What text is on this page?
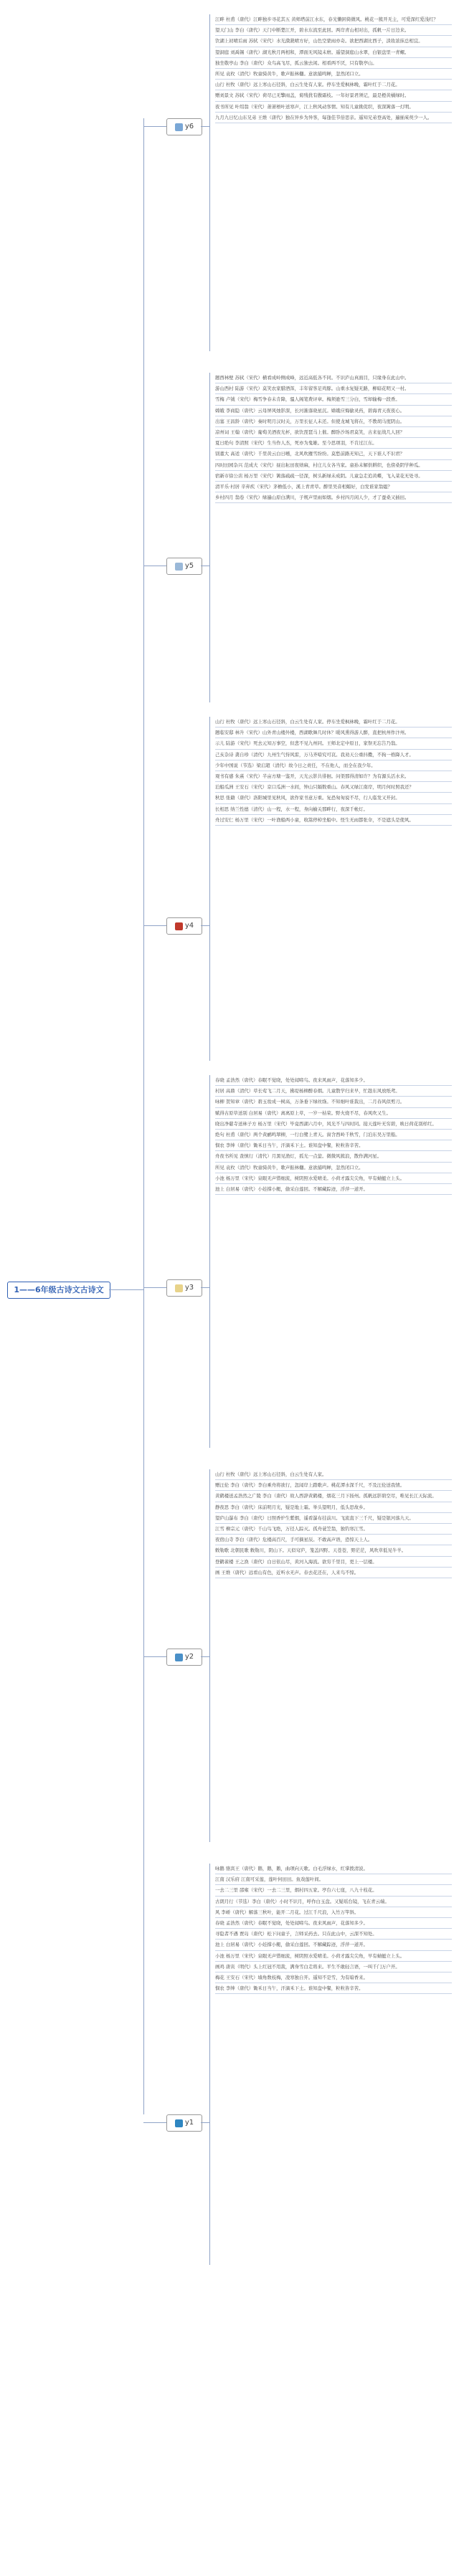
1——6年级古诗文古诗文
y6
江畔 杜甫（唐代）江畔独步寻花其五 黄师塔前江水东，春光懒困倚微风。桃花一簇开无主，可爱深红爱浅红？
望天门山 李白（唐代）天门中断楚江开，碧水东流至此回。两岸青山相对出，孤帆一片日边来。
饮湖上初晴后雨 苏轼（宋代）水光潋滟晴方好，山色空蒙雨亦奇。欲把西湖比西子，淡妆浓抹总相宜。
望洞庭 刘禹锡（唐代）湖光秋月两相和，潭面无风镜未磨。遥望洞庭山水翠，白银盘里一青螺。
独坐敬亭山 李白（唐代）众鸟高飞尽，孤云独去闲。相看两不厌，只有敬亭山。
所见 袁枚（清代）牧童骑黄牛，歌声振林樾。意欲捕鸣蝉，忽然闭口立。
山行 杜牧（唐代）远上寒山石径斜，白云生处有人家。停车坐爱枫林晚，霜叶红于二月花。
赠刘景文 苏轼（宋代）荷尽已无擎雨盖，菊残犹有傲霜枝。一年好景君须记，最是橙黄橘绿时。
夜书所见 叶绍翁（宋代）萧萧梧叶送寒声，江上秋风动客情。知有儿童挑促织，夜深篱落一灯明。
九月九日忆山东兄弟 王维（唐代）独在异乡为异客，每逢佳节倍思亲。遥知兄弟登高处，遍插茱萸少一人。
y5
题西林壁 苏轼（宋代）横看成岭侧成峰，远近高低各不同。不识庐山真面目，只缘身在此山中。
游山西村 陆游（宋代）莫笑农家腊酒浑，丰年留客足鸡豚。山重水复疑无路，柳暗花明又一村。
雪梅 卢钺（宋代）梅雪争春未肯降，骚人阁笔费评章。梅须逊雪三分白，雪却输梅一段香。
嫦娥 李商隐（唐代）云母屏风烛影深，长河渐落晓星沉。嫦娥应悔偷灵药，碧海青天夜夜心。
出塞 王昌龄（唐代）秦时明月汉时关，万里长征人未还。但使龙城飞将在，不教胡马度阴山。
凉州词 王翰（唐代）葡萄美酒夜光杯，欲饮琵琶马上催。醉卧沙场君莫笑，古来征战几人回？
夏日绝句 李清照（宋代）生当作人杰，死亦为鬼雄。至今思项羽，不肯过江东。
别董大 高适（唐代）千里黄云白日曛，北风吹雁雪纷纷。莫愁前路无知己，天下谁人不识君？
四时田园杂兴 范成大（宋代）昼出耘田夜绩麻，村庄儿女各当家。童孙未解供耕织，也傍桑阴学种瓜。
宿新市徐公店 杨万里（宋代）篱落疏疏一径深，树头新绿未成阴。儿童急走追黄蝶，飞入菜花无处寻。
清平乐·村居 辛弃疾（宋代）茅檐低小，溪上青青草。醉里吴音相媚好，白发谁家翁媪？
乡村四月 翁卷（宋代）绿遍山原白满川，子规声里雨如烟。乡村四月闲人少，才了蚕桑又插田。
y4
山行 杜牧（唐代）远上寒山石径斜，白云生处有人家。停车坐爱枫林晚，霜叶红于二月花。
题临安邸 林升（宋代）山外青山楼外楼，西湖歌舞几时休？暖风熏得游人醉，直把杭州作汴州。
示儿 陆游（宋代）死去元知万事空，但悲不见九州同。王师北定中原日，家祭无忘告乃翁。
己亥杂诗 龚自珍（清代）九州生气恃风雷，万马齐喑究可哀。我劝天公重抖擞，不拘一格降人才。
少年中国说（节选）梁启超（清代）故今日之责任，不在他人，而全在我少年。
观书有感 朱熹（宋代）半亩方塘一鉴开，天光云影共徘徊。问渠那得清如许？为有源头活水来。
泊船瓜洲 王安石（宋代）京口瓜洲一水间，钟山只隔数重山。春风又绿江南岸，明月何时照我还？
秋思 张籍（唐代）洛阳城里见秋风，欲作家书意万重。复恐匆匆说不尽，行人临发又开封。
长相思 纳兰性德（清代）山一程，水一程，身向榆关那畔行，夜深千帐灯。
舟过安仁 杨万里（宋代）一叶渔船两小童，收篙停棹坐船中。怪生无雨都张伞，不是遮头是使风。
y3
春晓 孟浩然（唐代）春眠不觉晓，处处闻啼鸟。夜来风雨声，花落知多少。
村居 高鼎（清代）草长莺飞二月天，拂堤杨柳醉春烟。儿童散学归来早，忙趁东风放纸鸢。
咏柳 贺知章（唐代）碧玉妆成一树高，万条垂下绿丝绦。不知细叶谁裁出，二月春风似剪刀。
赋得古原草送别 白居易（唐代）离离原上草，一岁一枯荣。野火烧不尽，春风吹又生。
晓出净慈寺送林子方 杨万里（宋代）毕竟西湖六月中，风光不与四时同。接天莲叶无穷碧，映日荷花别样红。
绝句 杜甫（唐代）两个黄鹂鸣翠柳，一行白鹭上青天。窗含西岭千秋雪，门泊东吴万里船。
悯农 李绅（唐代）锄禾日当午，汗滴禾下土。谁知盘中餐，粒粒皆辛苦。
舟夜书所见 查慎行（清代）月黑见渔灯，孤光一点萤。微微风簇浪，散作满河星。
所见 袁枚（清代）牧童骑黄牛，歌声振林樾。意欲捕鸣蝉，忽然闭口立。
小池 杨万里（宋代）泉眼无声惜细流，树阴照水爱晴柔。小荷才露尖尖角，早有蜻蜓立上头。
池上 白居易（唐代）小娃撑小艇，偷采白莲回。不解藏踪迹，浮萍一道开。
y2
山行 杜牧（唐代）远上寒山石径斜，白云生处有人家。
赠汪伦 李白（唐代）李白乘舟将欲行，忽闻岸上踏歌声。桃花潭水深千尺，不及汪伦送我情。
黄鹤楼送孟浩然之广陵 李白（唐代）故人西辞黄鹤楼，烟花三月下扬州。孤帆远影碧空尽，唯见长江天际流。
静夜思 李白（唐代）床前明月光，疑是地上霜。举头望明月，低头思故乡。
望庐山瀑布 李白（唐代）日照香炉生紫烟，遥看瀑布挂前川。飞流直下三千尺，疑是银河落九天。
江雪 柳宗元（唐代）千山鸟飞绝，万径人踪灭。孤舟蓑笠翁，独钓寒江雪。
夜宿山寺 李白（唐代）危楼高百尺，手可摘星辰。不敢高声语，恐惊天上人。
敕勒歌 北朝民歌 敕勒川，阴山下。天似穹庐，笼盖四野。天苍苍，野茫茫，风吹草低见牛羊。
登鹳雀楼 王之涣（唐代）白日依山尽，黄河入海流。欲穷千里目，更上一层楼。
画 王维（唐代）远看山有色，近听水无声。春去花还在，人来鸟不惊。
y1
咏鹅 骆宾王（唐代）鹅，鹅，鹅，曲项向天歌。白毛浮绿水，红掌拨清波。
江南 汉乐府 江南可采莲，莲叶何田田。鱼戏莲叶间。
一去二三里 邵雍（宋代）一去二三里，烟村四五家。亭台六七座，八九十枝花。
古朗月行（节选）李白（唐代）小时不识月，呼作白玉盘。又疑瑶台镜，飞在青云端。
风 李峤（唐代）解落三秋叶，能开二月花。过江千尺浪，入竹万竿斜。
春晓 孟浩然（唐代）春眠不觉晓，处处闻啼鸟。夜来风雨声，花落知多少。
寻隐者不遇 贾岛（唐代）松下问童子，言师采药去。只在此山中，云深不知处。
池上 白居易（唐代）小娃撑小艇，偷采白莲回。不解藏踪迹，浮萍一道开。
小池 杨万里（宋代）泉眼无声惜细流，树阴照水爱晴柔。小荷才露尖尖角，早有蜻蜓立上头。
画鸡 唐寅（明代）头上红冠不用裁，满身雪白走将来。平生不敢轻言语，一叫千门万户开。
梅花 王安石（宋代）墙角数枝梅，凌寒独自开。遥知不是雪，为有暗香来。
悯农 李绅（唐代）锄禾日当午，汗滴禾下土。谁知盘中餐，粒粒皆辛苦。
